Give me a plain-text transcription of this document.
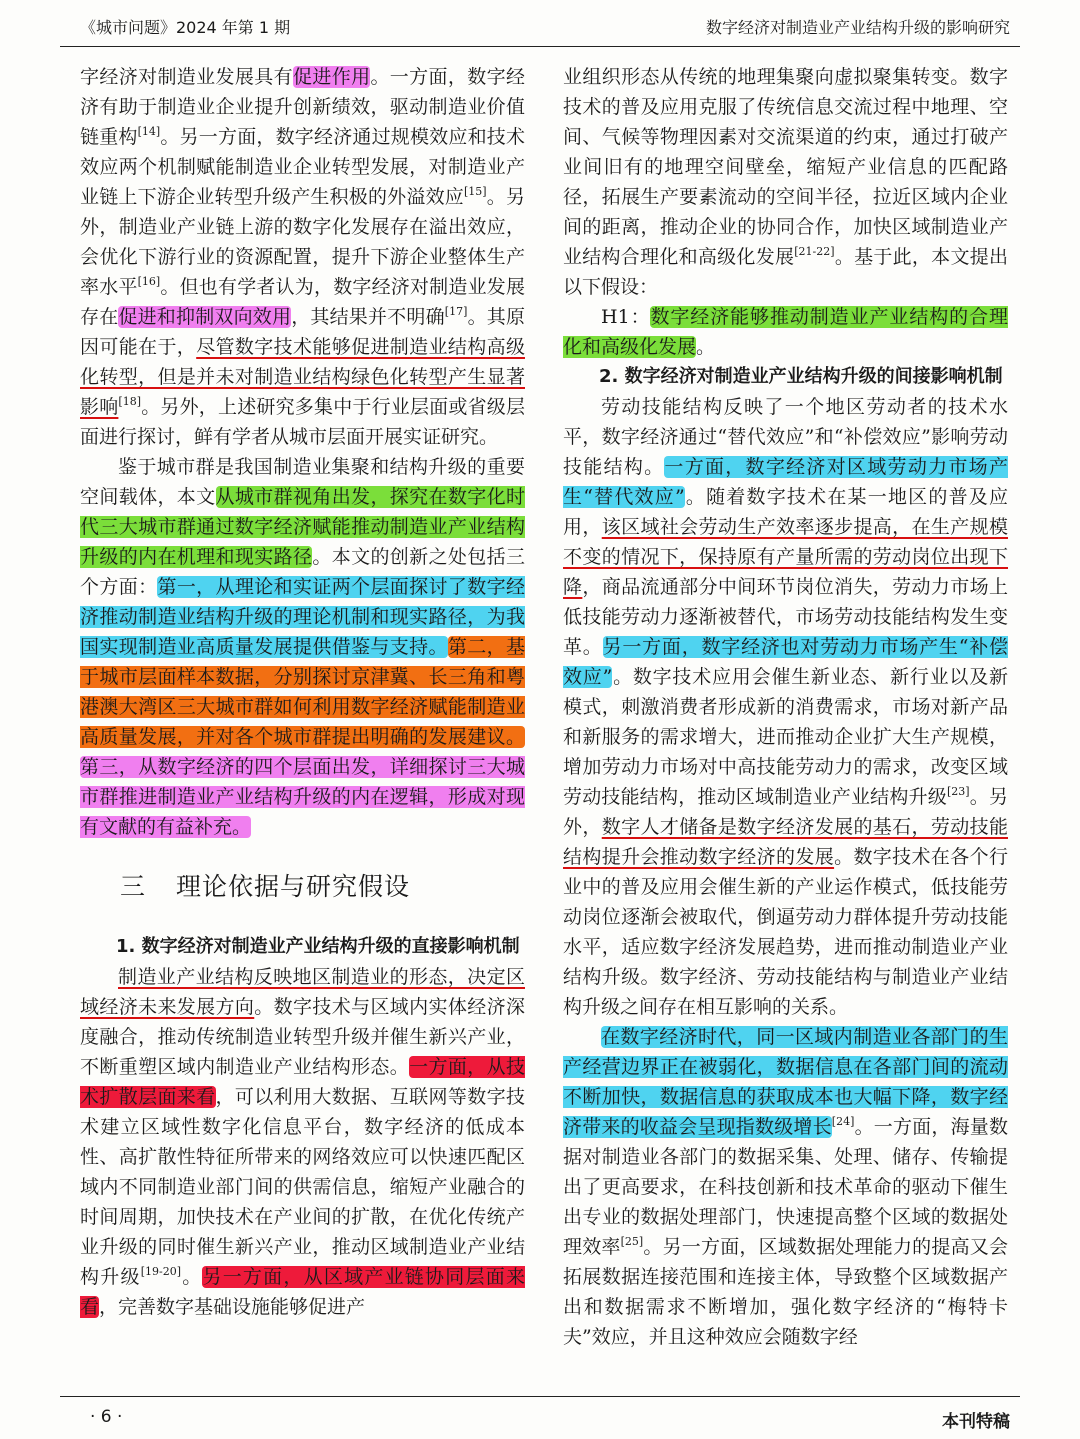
《城市问题》2024 年第 1 期	数字经济对制造业产业结构升级的影响研究

字经济对制造业发展具有促进作用。一方面，数字经济有助于制造业企业提升创新绩效，驱动制造业价值链重构[14]。另一方面，数字经济通过规模效应和技术效应两个机制赋能制造业企业转型发展，对制造业产业链上下游企业转型升级产生积极的外溢效应[15]。另外，制造业产业链上游的数字化发展存在溢出效应，会优化下游行业的资源配置，提升下游企业整体生产率水平[16]。但也有学者认为，数字经济对制造业发展存在促进和抑制双向效用，其结果并不明确[17]。其原因可能在于，尽管数字技术能够促进制造业结构高级化转型，但是并未对制造业结构绿色化转型产生显著影响[18]。另外，上述研究多集中于行业层面或省级层面进行探讨，鲜有学者从城市层面开展实证研究。

鉴于城市群是我国制造业集聚和结构升级的重要空间载体，本文从城市群视角出发，探究在数字化时代三大城市群通过数字经济赋能推动制造业产业结构升级的内在机理和现实路径。本文的创新之处包括三个方面：第一，从理论和实证两个层面探讨了数字经济推动制造业结构升级的理论机制和现实路径，为我国实现制造业高质量发展提供借鉴与支持。第二，基于城市层面样本数据，分别探讨京津冀、长三角和粤港澳大湾区三大城市群如何利用数字经济赋能制造业高质量发展，并对各个城市群提出明确的发展建议。第三，从数字经济的四个层面出发，详细探讨三大城市群推进制造业产业结构升级的内在逻辑，形成对现有文献的有益补充。

三 理论依据与研究假设

1. 数字经济对制造业产业结构升级的直接影响机制

制造业产业结构反映地区制造业的形态，决定区域经济未来发展方向。数字技术与区域内实体经济深度融合，推动传统制造业转型升级并催生新兴产业，不断重塑区域内制造业产业结构形态。一方面，从技术扩散层面来看，可以利用大数据、互联网等数字技术建立区域性数字化信息平台，数字经济的低成本性、高扩散性特征所带来的网络效应可以快速匹配区域内不同制造业部门间的供需信息，缩短产业融合的时间周期，加快技术在产业间的扩散，在优化传统产业升级的同时催生新兴产业，推动区域制造业产业结构升级[19-20]。另一方面，从区域产业链协同层面来看，完善数字基础设施能够促进产

业组织形态从传统的地理集聚向虚拟聚集转变。数字技术的普及应用克服了传统信息交流过程中地理、空间、气候等物理因素对交流渠道的约束，通过打破产业间旧有的地理空间壁垒，缩短产业信息的匹配路径，拓展生产要素流动的空间半径，拉近区域内企业间的距离，推动企业的协同合作，加快区域制造业产业结构合理化和高级化发展[21-22]。基于此，本文提出以下假设：

H1：数字经济能够推动制造业产业结构的合理化和高级化发展。

2. 数字经济对制造业产业结构升级的间接影响机制

劳动技能结构反映了一个地区劳动者的技术水平，数字经济通过“替代效应”和“补偿效应”影响劳动技能结构。一方面，数字经济对区域劳动力市场产生“替代效应”。随着数字技术在某一地区的普及应用，该区域社会劳动生产效率逐步提高，在生产规模不变的情况下，保持原有产量所需的劳动岗位出现下降，商品流通部分中间环节岗位消失，劳动力市场上低技能劳动力逐渐被替代，市场劳动技能结构发生变革。另一方面，数字经济也对劳动力市场产生“补偿效应”。数字技术应用会催生新业态、新行业以及新模式，刺激消费者形成新的消费需求，市场对新产品和新服务的需求增大，进而推动企业扩大生产规模，增加劳动力市场对中高技能劳动力的需求，改变区域劳动技能结构，推动区域制造业产业结构升级[23]。另外，数字人才储备是数字经济发展的基石，劳动技能结构提升会推动数字经济的发展。数字技术在各个行业中的普及应用会催生新的产业运作模式，低技能劳动岗位逐渐会被取代，倒逼劳动力群体提升劳动技能水平，适应数字经济发展趋势，进而推动制造业产业结构升级。数字经济、劳动技能结构与制造业产业结构升级之间存在相互影响的关系。

在数字经济时代，同一区域内制造业各部门的生产经营边界正在被弱化，数据信息在各部门间的流动不断加快，数据信息的获取成本也大幅下降，数字经济带来的收益会呈现指数级增长[24]。一方面，海量数据对制造业各部门的数据采集、处理、储存、传输提出了更高要求，在科技创新和技术革命的驱动下催生出专业的数据处理部门，快速提高整个区域的数据处理效率[25]。另一方面，区域数据处理能力的提高又会拓展数据连接范围和连接主体，导致整个区域数据产出和数据需求不断增加，强化数字经济的“梅特卡夫”效应，并且这种效应会随数字经

· 6 ·	本刊特稿
